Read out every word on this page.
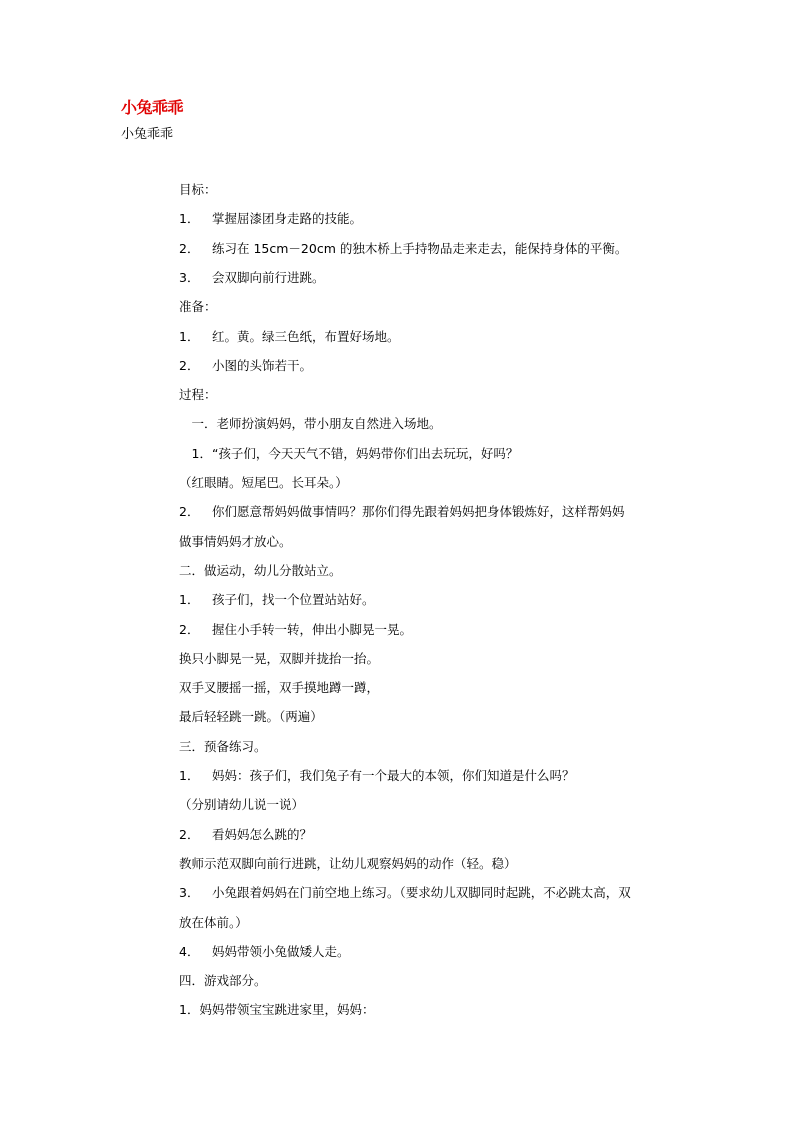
小兔乖乖
小兔乖乖
目标：
1． 掌握屈漆团身走路的技能。
2． 练习在 15cm－20cm 的独木桥上手持物品走来走去，能保持身体的平衡。
3． 会双脚向前行进跳。
准备：
1． 红。黄。绿三色纸，布置好场地。
2． 小图的头饰若干。
过程：
　一．老师扮演妈妈，带小朋友自然进入场地。
　1．“孩子们，今天天气不错，妈妈带你们出去玩玩，好吗？
（红眼睛。短尾巴。长耳朵。）
2． 你们愿意帮妈妈做事情吗？那你们得先跟着妈妈把身体锻炼好，这样帮妈妈
做事情妈妈才放心。
二．做运动，幼儿分散站立。
1． 孩子们，找一个位置站站好。
2． 握住小手转一转，伸出小脚晃一晃。
换只小脚晃一晃，双脚并拢抬一抬。
双手叉腰摇一摇，双手摸地蹲一蹲，
最后轻轻跳一跳。（两遍）
三．预备练习。
1． 妈妈：孩子们，我们兔子有一个最大的本领，你们知道是什么吗？
（分别请幼儿说一说）
2． 看妈妈怎么跳的？
教师示范双脚向前行进跳，让幼儿观察妈妈的动作（轻。稳）
3． 小兔跟着妈妈在门前空地上练习。（要求幼儿双脚同时起跳，不必跳太高，双
放在体前。）
4． 妈妈带领小兔做矮人走。
四．游戏部分。
1．妈妈带领宝宝跳进家里，妈妈：
